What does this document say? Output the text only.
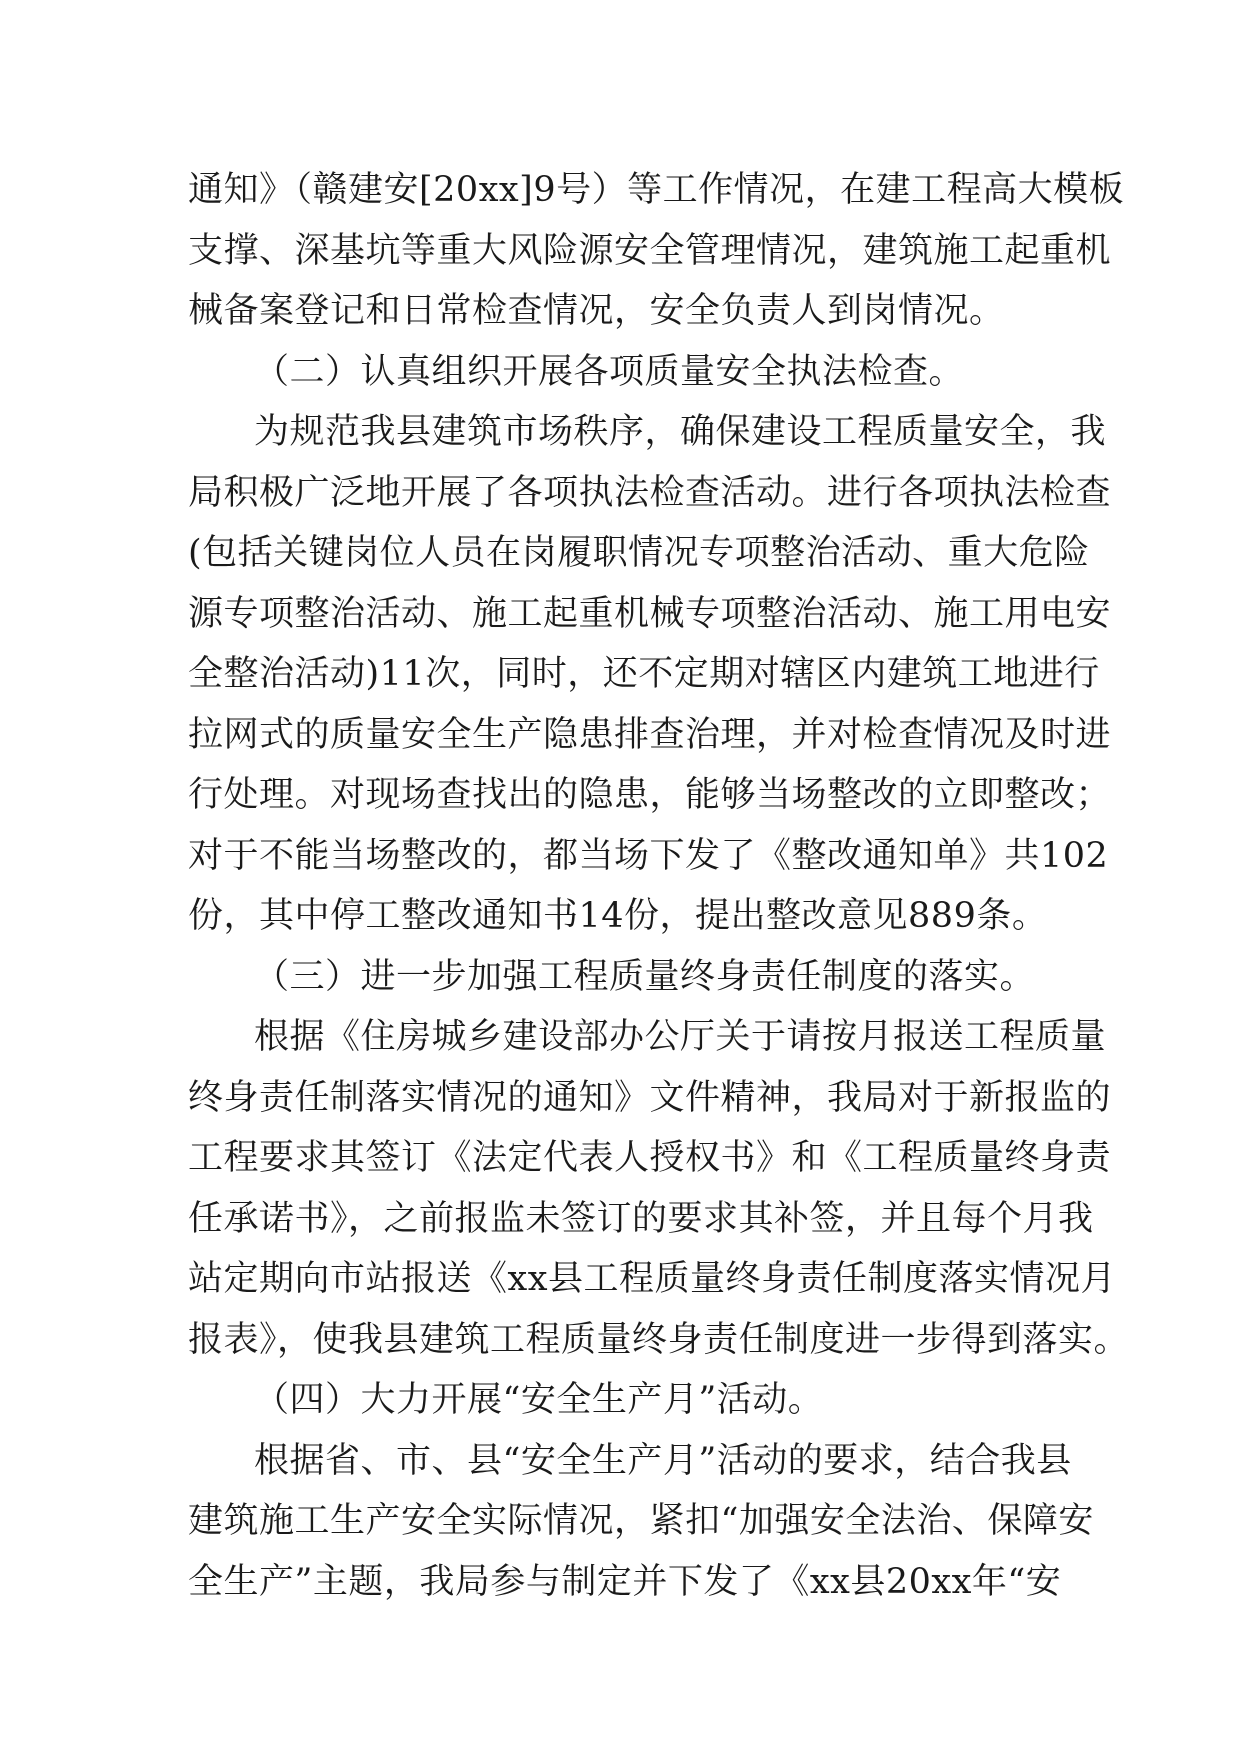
通知》（赣建安[20xx]9号）等工作情况，在建工程高大模板
支撑、深基坑等重大风险源安全管理情况，建筑施工起重机
械备案登记和日常检查情况，安全负责人到岗情况。
（二）认真组织开展各项质量安全执法检查。
为规范我县建筑市场秩序，确保建设工程质量安全，我
局积极广泛地开展了各项执法检查活动。进行各项执法检查
(包括关键岗位人员在岗履职情况专项整治活动、重大危险
源专项整治活动、施工起重机械专项整治活动、施工用电安
全整治活动)11次，同时，还不定期对辖区内建筑工地进行
拉网式的质量安全生产隐患排查治理，并对检查情况及时进
行处理。对现场查找出的隐患，能够当场整改的立即整改；
对于不能当场整改的，都当场下发了《整改通知单》共102
份，其中停工整改通知书14份，提出整改意见889条。
（三）进一步加强工程质量终身责任制度的落实。
根据《住房城乡建设部办公厅关于请按月报送工程质量
终身责任制落实情况的通知》文件精神，我局对于新报监的
工程要求其签订《法定代表人授权书》和《工程质量终身责
任承诺书》，之前报监未签订的要求其补签，并且每个月我
站定期向市站报送《xx县工程质量终身责任制度落实情况月
报表》，使我县建筑工程质量终身责任制度进一步得到落实。
（四）大力开展“安全生产月”活动。
根据省、市、县“安全生产月”活动的要求，结合我县
建筑施工生产安全实际情况，紧扣“加强安全法治、保障安
全生产”主题，我局参与制定并下发了《xx县20xx年“安
